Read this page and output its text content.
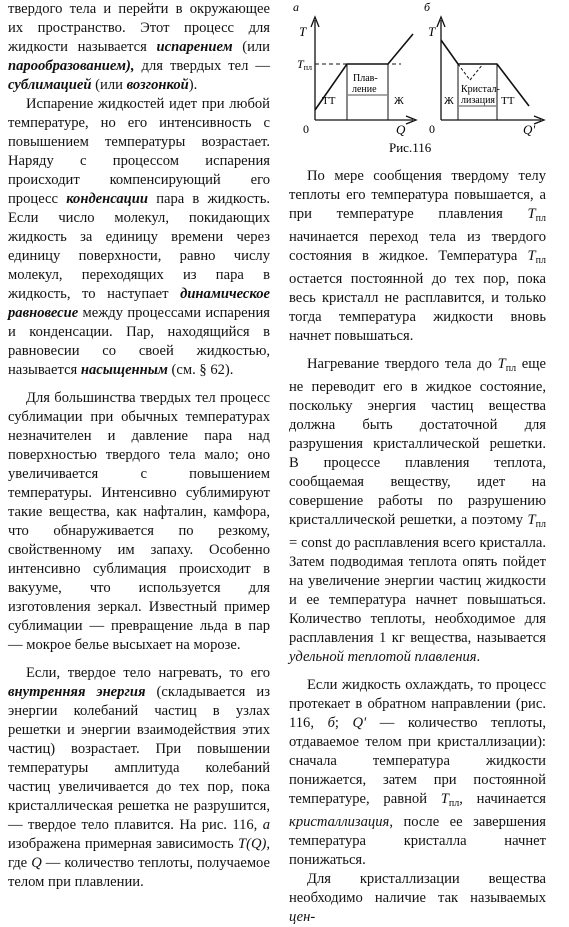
твердого тела и перейти в окружающее их пространство. Этот процесс для жидкости называется испарением (или парообразованием), для твердых тел — сублимацией (или возгонкой).

Испарение жидкостей идет при любой температуре, но его интенсивность с повышением температуры возрастает. Наряду с процессом испарения происходит компенсирующий его процесс конденсации пара в жидкость. Если число молекул, покидающих жидкость за единицу времени через единицу поверхности, равно числу молекул, переходящих из пара в жидкость, то наступает динамическое равновесие между процессами испарения и конденсации. Пар, находящийся в равновесии со своей жидкостью, называется насыщенным (см. § 62).

Для большинства твердых тел процесс сублимации при обычных температурах незначителен и давление пара над поверхностью твердого тела мало; оно увеличивается с повышением температуры. Интенсивно сублимируют такие вещества, как нафталин, камфора, что обнаруживается по резкому, свойственному им запаху. Особенно интенсивно сублимация происходит в вакууме, что используется для изготовления зеркал. Известный пример сублимации — превращение льда в пар — мокрое белье высыхает на морозе.

Если, твердое тело нагревать, то его внутренняя энергия (складывается из энергии колебаний частиц в узлах решетки и энергии взаимодействия этих частиц) возрастает. При повышении температуры амплитуда колебаний частиц увеличивается до тех пор, пока кристаллическая решетка не разрушится, — твердое тело плавится. На рис. 116, а изображена примерная зависимость T(Q), где Q — количество теплоты, получаемое телом при плавлении.

а
T
Tпл
ТТ
Плав-
ление
Ж
0	Q
б
T
Ж
Кристал-
лизация ТТ
0	Q'
Рис.116

По мере сообщения твердому телу теплоты его температура повышается, а при температуре плавления $T_{пл}$ начинается переход тела из твердого состояния в жидкое. Температура $T_{пл}$ остается постоянной до тех пор, пока весь кристалл не расплавится, и только тогда температура жидкости вновь начнет повышаться.

Нагревание твердого тела до $T_{пл}$ еще не переводит его в жидкое состояние, поскольку энергия частиц вещества должна быть достаточной для разрушения кристаллической решетки. В процессе плавления теплота, сообщаемая веществу, идет на совершение работы по разрушению кристаллической решетки, а поэтому $T_{пл}$ = const до расплавления всего кристалла. Затем подводимая теплота опять пойдет на увеличение энергии частиц жидкости и ее температура начнет повышаться. Количество теплоты, необходимое для расплавления 1 кг вещества, называется удельной теплотой плавления.

Если жидкость охлаждать, то процесс протекает в обратном направлении (рис. 116, б; Q' — количество теплоты, отдаваемое телом при кристаллизации): сначала температура жидкости понижается, затем при постоянной температуре, равной $T_{пл}$, начинается кристаллизация, после ее завершения температура кристалла начнет понижаться.

Для кристаллизации вещества необходимо наличие так называемых цен-
